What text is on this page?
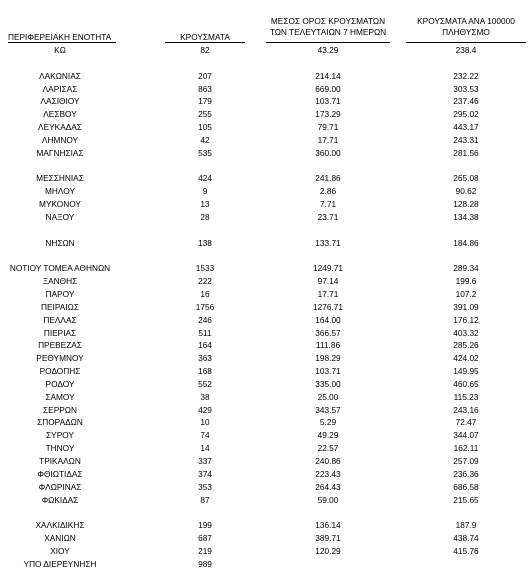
ΠΕΡΙΦΕΡΕΙΑΚΗ ΕΝΟΤΗΤΑ	ΚΡΟΥΣΜΑΤΑ
ΜΕΣΟΣ ΟΡΟΣ ΚΡΟΥΣΜΑΤΩΝ
ΤΩΝ ΤΕΛΕΥΤΑΙΩΝ 7 ΗΜΕΡΩΝ
ΚΡΟΥΣΜΑΤΑ ΑΝΑ 100000
ΠΛΗΘΥΣΜΟ
ΚΩ	82	43.29	238.4
ΛΑΚΩΝΙΑΣ	207	214.14	232.22
ΛΑΡΙΣΑΣ	863	669.00	303.53
ΛΑΣΙΘΙΟΥ	179	103.71	237.46
ΛΕΣΒΟΥ	255	173.29	295.02
ΛΕΥΚΑΔΑΣ	105	79.71	443.17
ΛΗΜΝΟΥ	42	17.71	243.31
ΜΑΓΝΗΣΙΑΣ	535	360.00	281.56
ΜΕΣΣΗΝΙΑΣ	424	241.86	265.08
ΜΗΛΟΥ	9	2.86	90.62
ΜΥΚΟΝΟΥ	13	7.71	128.28
ΝΑΞΟΥ	28	23.71	134.38
ΝΗΣΩΝ	138	133.71	184.86
ΝΟΤΙΟΥ ΤΟΜΕΑ ΑΘΗΝΩΝ	1533	1249.71	289.34
ΞΑΝΘΗΣ	222	97.14	199.6
ΠΑΡΟΥ	16	17.71	107.2
ΠΕΙΡΑΙΩΣ	1756	1276.71	391.09
ΠΕΛΛΑΣ	246	164.00	176.12
ΠΙΕΡΙΑΣ	511	366.57	403.32
ΠΡΕΒΕΖΑΣ	164	111.86	285.26
ΡΕΘΥΜΝΟΥ	363	198.29	424.02
ΡΟΔΟΠΗΣ	168	103.71	149.95
ΡΟΔΟΥ	552	335.00	460.65
ΣΑΜΟΥ	38	25.00	115.23
ΣΕΡΡΩΝ	429	343.57	243.16
ΣΠΟΡΑΔΩΝ	10	5.29	72.47
ΣΥΡΟΥ	74	49.29	344.07
ΤΗΝΟΥ	14	22.57	162.11
ΤΡΙΚΑΛΩΝ	337	240.86	257.09
ΦΘΙΩΤΙΔΑΣ	374	223.43	236.36
ΦΛΩΡΙΝΑΣ	353	264.43	686.58
ΦΩΚΙΔΑΣ	87	59.00	215.65
ΧΑΛΚΙΔΙΚΗΣ	199	136.14	187.9
ΧΑΝΙΩΝ	687	389.71	438.74
ΧΙΟΥ	219	120.29	415.76
ΥΠΟ ΔΙΕΡΕΥΝΗΣΗ	989
